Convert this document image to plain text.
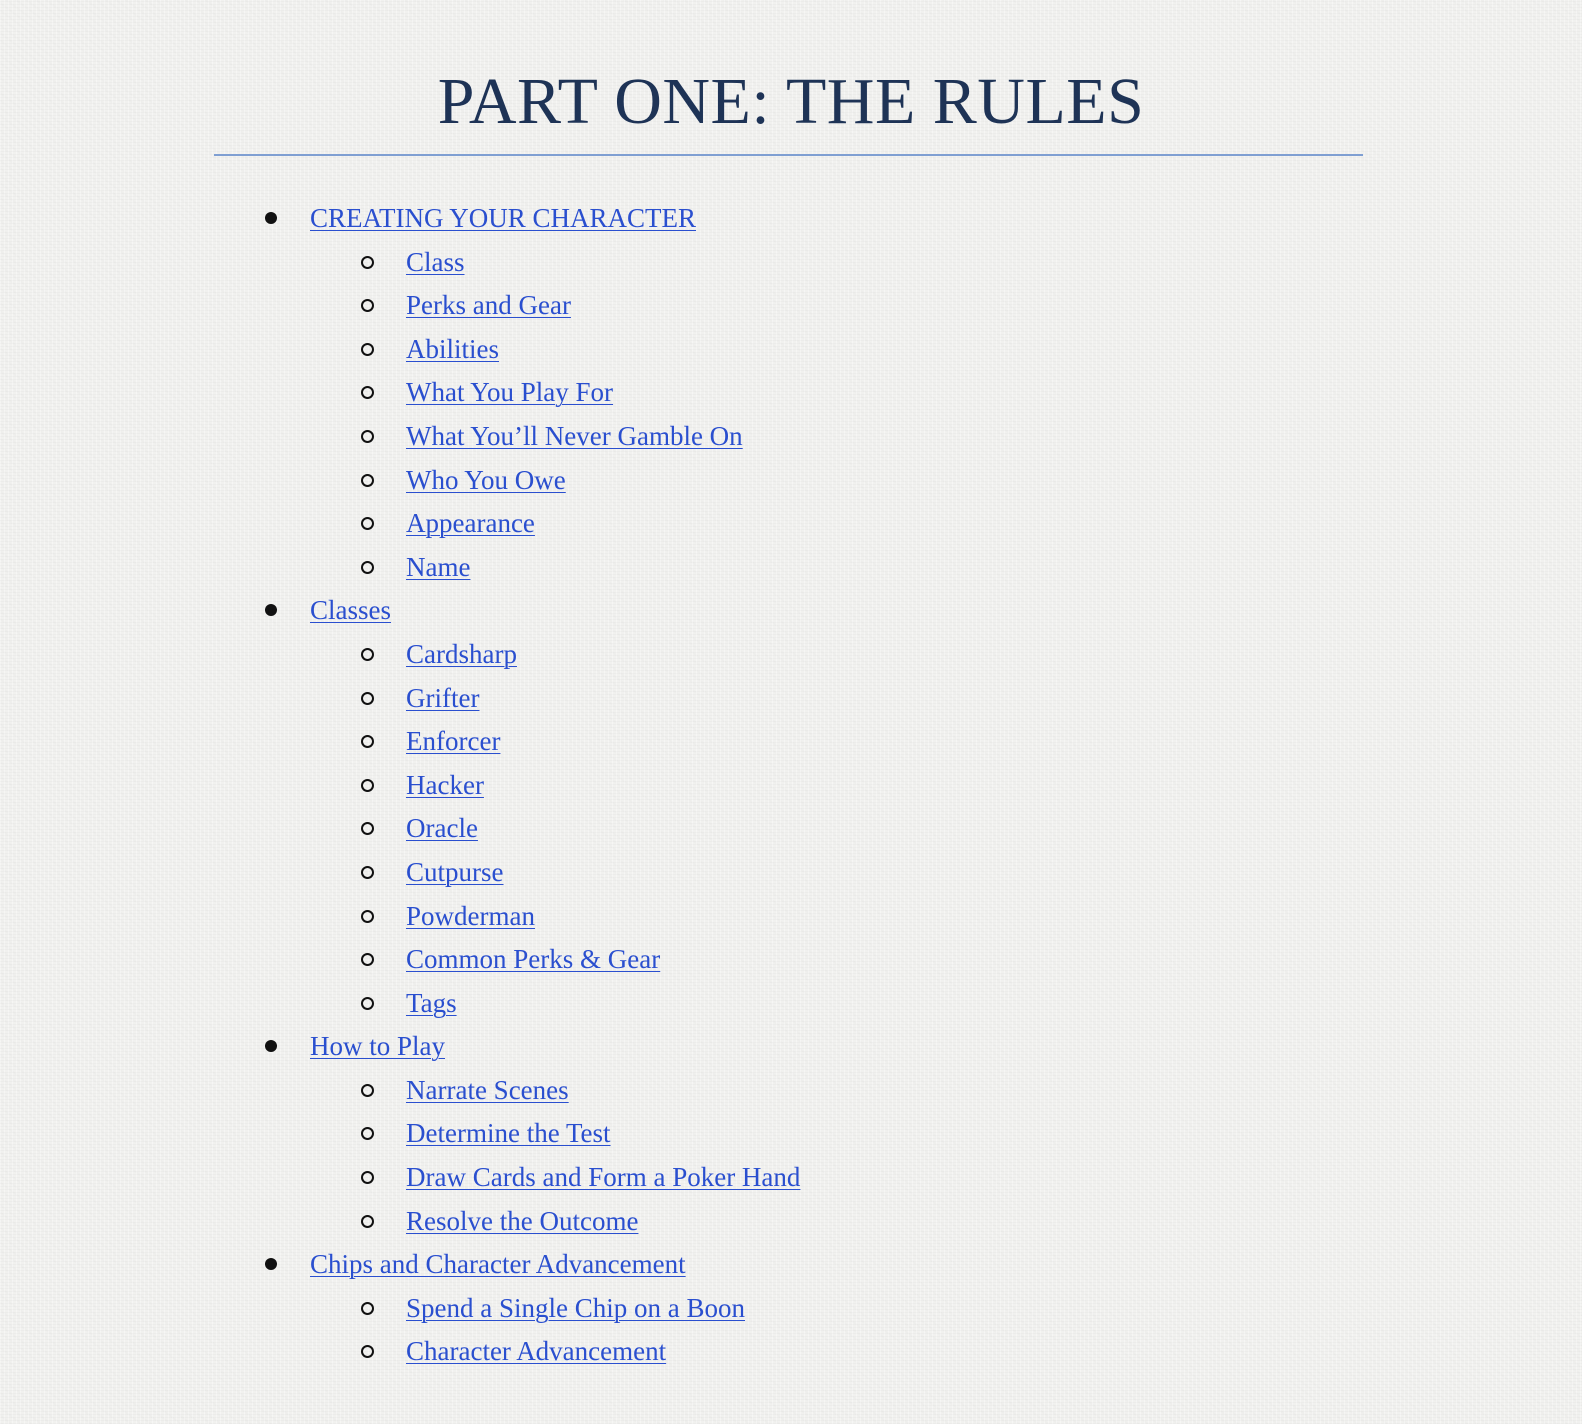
PART ONE: THE RULES
CREATING YOUR CHARACTER
Class
Perks and Gear
Abilities
What You Play For
What You’ll Never Gamble On
Who You Owe
Appearance
Name
Classes
Cardsharp
Grifter
Enforcer
Hacker
Oracle
Cutpurse
Powderman
Common Perks & Gear
Tags
How to Play
Narrate Scenes
Determine the Test
Draw Cards and Form a Poker Hand
Resolve the Outcome
Chips and Character Advancement
Spend a Single Chip on a Boon
Character Advancement
